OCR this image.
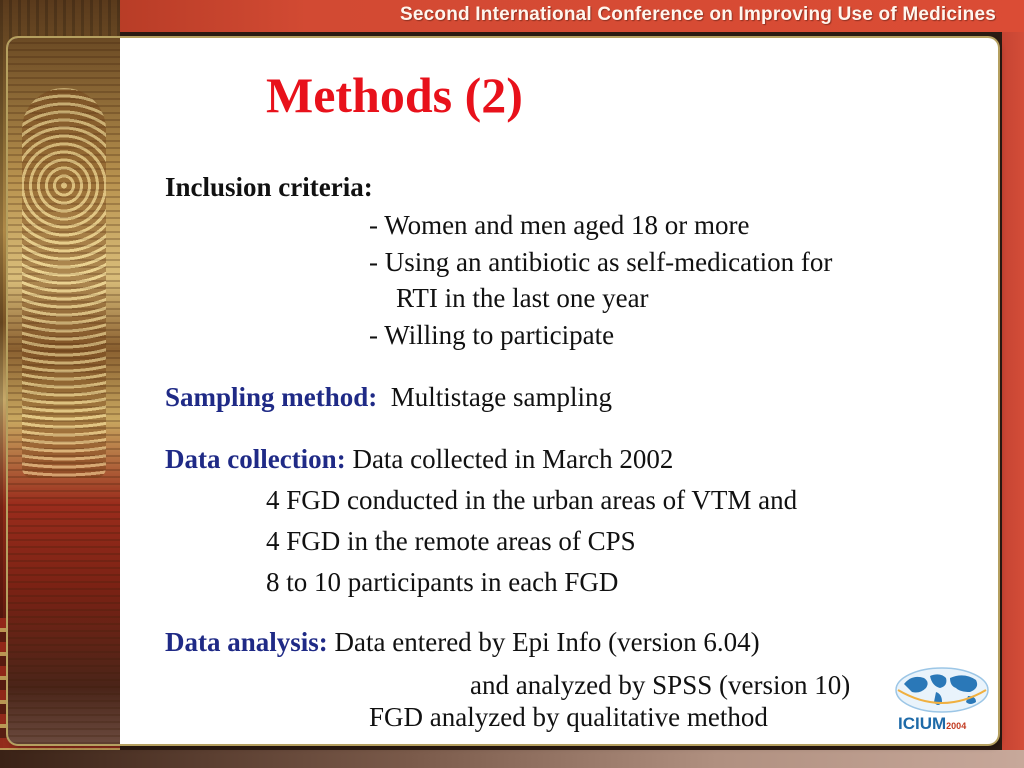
Second International Conference on Improving Use of Medicines
Methods (2)
Inclusion criteria:
- Women and men aged 18 or more
- Using an antibiotic as self-medication for
RTI in the last one year
- Willing to participate
Sampling method: Multistage sampling
Data collection: Data collected in March 2002
4 FGD conducted in the urban areas of VTM and
4 FGD in the remote areas of CPS
8 to 10 participants in each FGD
Data analysis: Data entered by Epi Info (version 6.04)
and analyzed by SPSS (version 10)
FGD analyzed by qualitative method	ICIUM2004
